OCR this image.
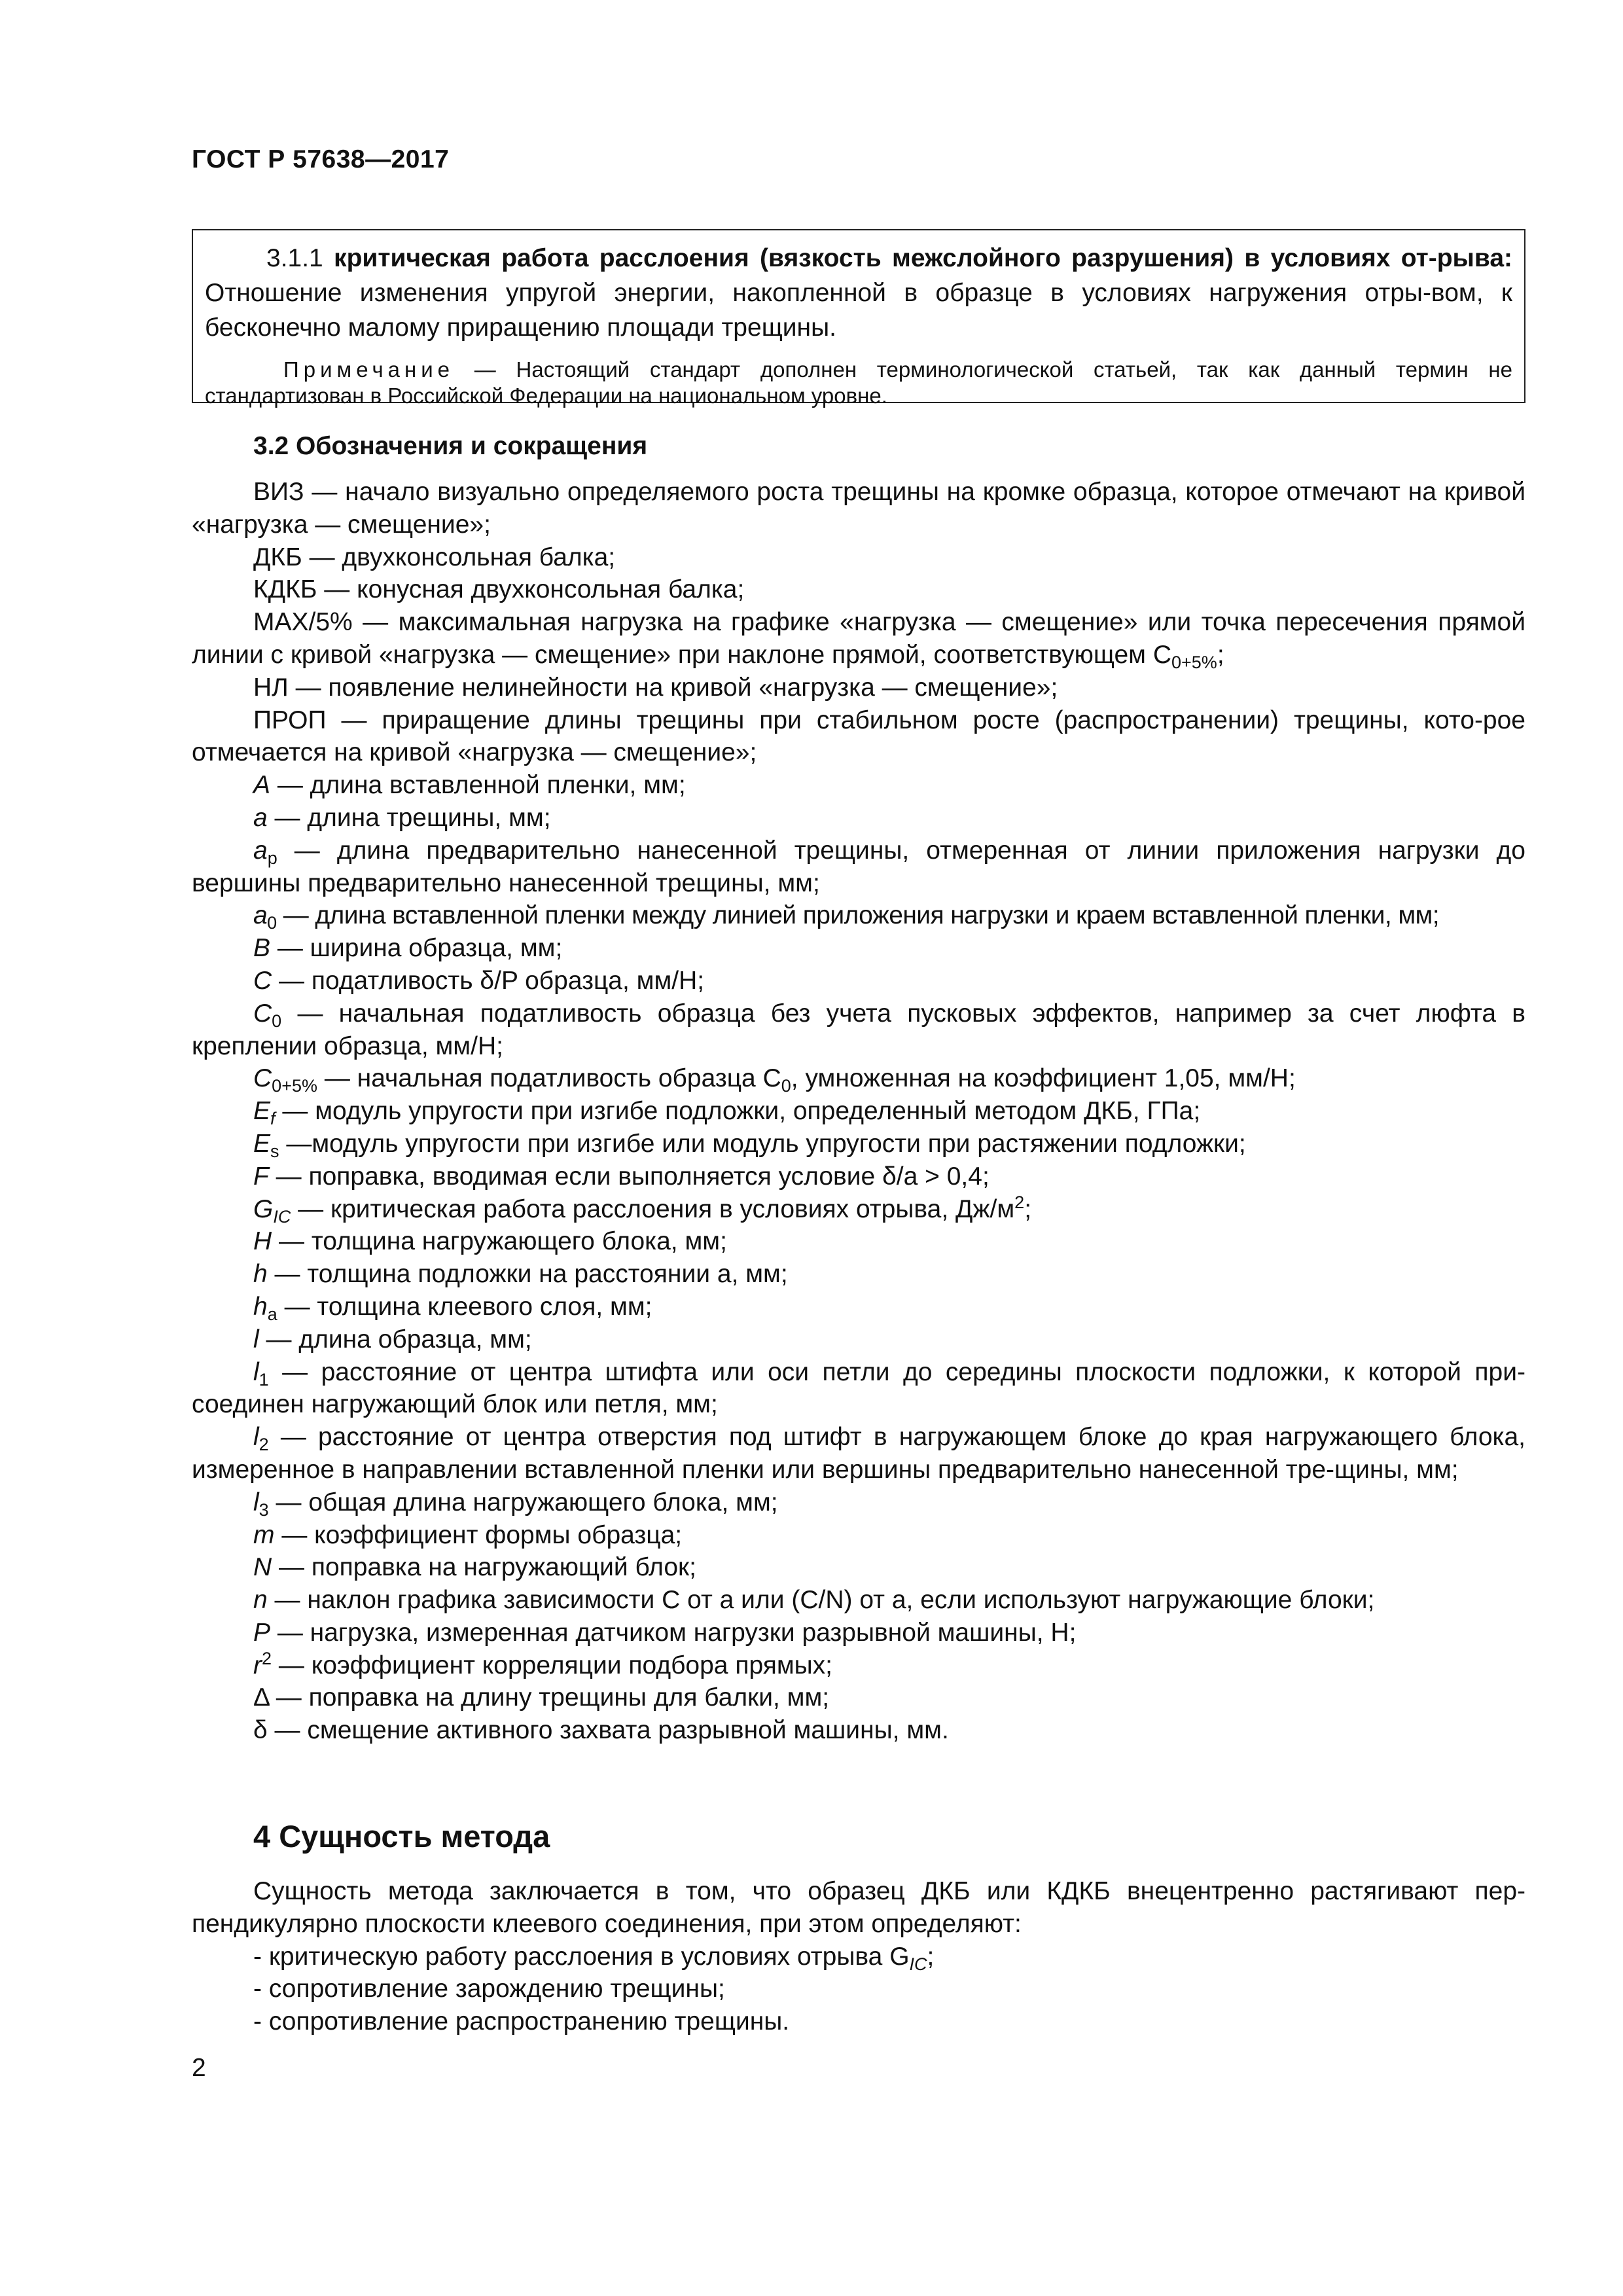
ГОСТ Р 57638—2017

3.1.1 критическая работа расслоения (вязкость межслойного разрушения) в условиях от-рыва: Отношение изменения упругой энергии, накопленной в образце в условиях нагружения отры-вом, к бесконечно малому приращению площади трещины.

Примечание — Настоящий стандарт дополнен терминологической статьей, так как данный термин не стандартизован в Российской Федерации на национальном уровне.

3.2 Обозначения и сокращения

ВИЗ — начало визуально определяемого роста трещины на кромке образца, которое отмечают на кривой «нагрузка — смещение»;

ДКБ — двухконсольная балка;

КДКБ — конусная двухконсольная балка;

МАХ/5% — максимальная нагрузка на графике «нагрузка — смещение» или точка пересечения прямой линии с кривой «нагрузка — смещение» при наклоне прямой, соответствующем $С_{0+5\%}$;

НЛ — появление нелинейности на кривой «нагрузка — смещение»;

ПРОП — приращение длины трещины при стабильном росте (распространении) трещины, кото-рое отмечается на кривой «нагрузка — смещение»;

A — длина вставленной пленки, мм;

a — длина трещины, мм;

$a_p$ — длина предварительно нанесенной трещины, отмеренная от линии приложения нагрузки до вершины предварительно нанесенной трещины, мм;

$a_0$ — длина вставленной пленки между линией приложения нагрузки и краем вставленной пленки, мм;

B — ширина образца, мм;

C — податливость δ/P образца, мм/Н;

$C_0$ — начальная податливость образца без учета пусковых эффектов, например за счет люфта в креплении образца, мм/Н;

$C_{0+5\%}$ — начальная податливость образца $C_0$, умноженная на коэффициент 1,05, мм/Н;

$E_f$ — модуль упругости при изгибе подложки, определенный методом ДКБ, ГПа;

$E_s$ —модуль упругости при изгибе или модуль упругости при растяжении подложки;

F — поправка, вводимая если выполняется условие δ/a > 0,4;

$G_{IC}$ — критическая работа расслоения в условиях отрыва, $Дж/м^2$;

H — толщина нагружающего блока, мм;

h — толщина подложки на расстоянии a, мм;

$h_a$ — толщина клеевого слоя, мм;

l — длина образца, мм;

$l_1$ — расстояние от центра штифта или оси петли до середины плоскости подложки, к которой при-соединен нагружающий блок или петля, мм;

$l_2$ — расстояние от центра отверстия под штифт в нагружающем блоке до края нагружающего блока, измеренное в направлении вставленной пленки или вершины предварительно нанесенной тре-щины, мм;

$l_3$ — общая длина нагружающего блока, мм;

m — коэффициент формы образца;

N — поправка на нагружающий блок;

n — наклон графика зависимости C от a или (C/N) от a, если используют нагружающие блоки;

P — нагрузка, измеренная датчиком нагрузки разрывной машины, Н;

$r^2$ — коэффициент корреляции подбора прямых;

Δ — поправка на длину трещины для балки, мм;

δ — смещение активного захвата разрывной машины, мм.

4 Сущность метода

Сущность метода заключается в том, что образец ДКБ или КДКБ внецентренно растягивают пер-пендикулярно плоскости клеевого соединения, при этом определяют:

- критическую работу расслоения в условиях отрыва $G_{IC}$;

- сопротивление зарождению трещины;

- сопротивление распространению трещины.

2
